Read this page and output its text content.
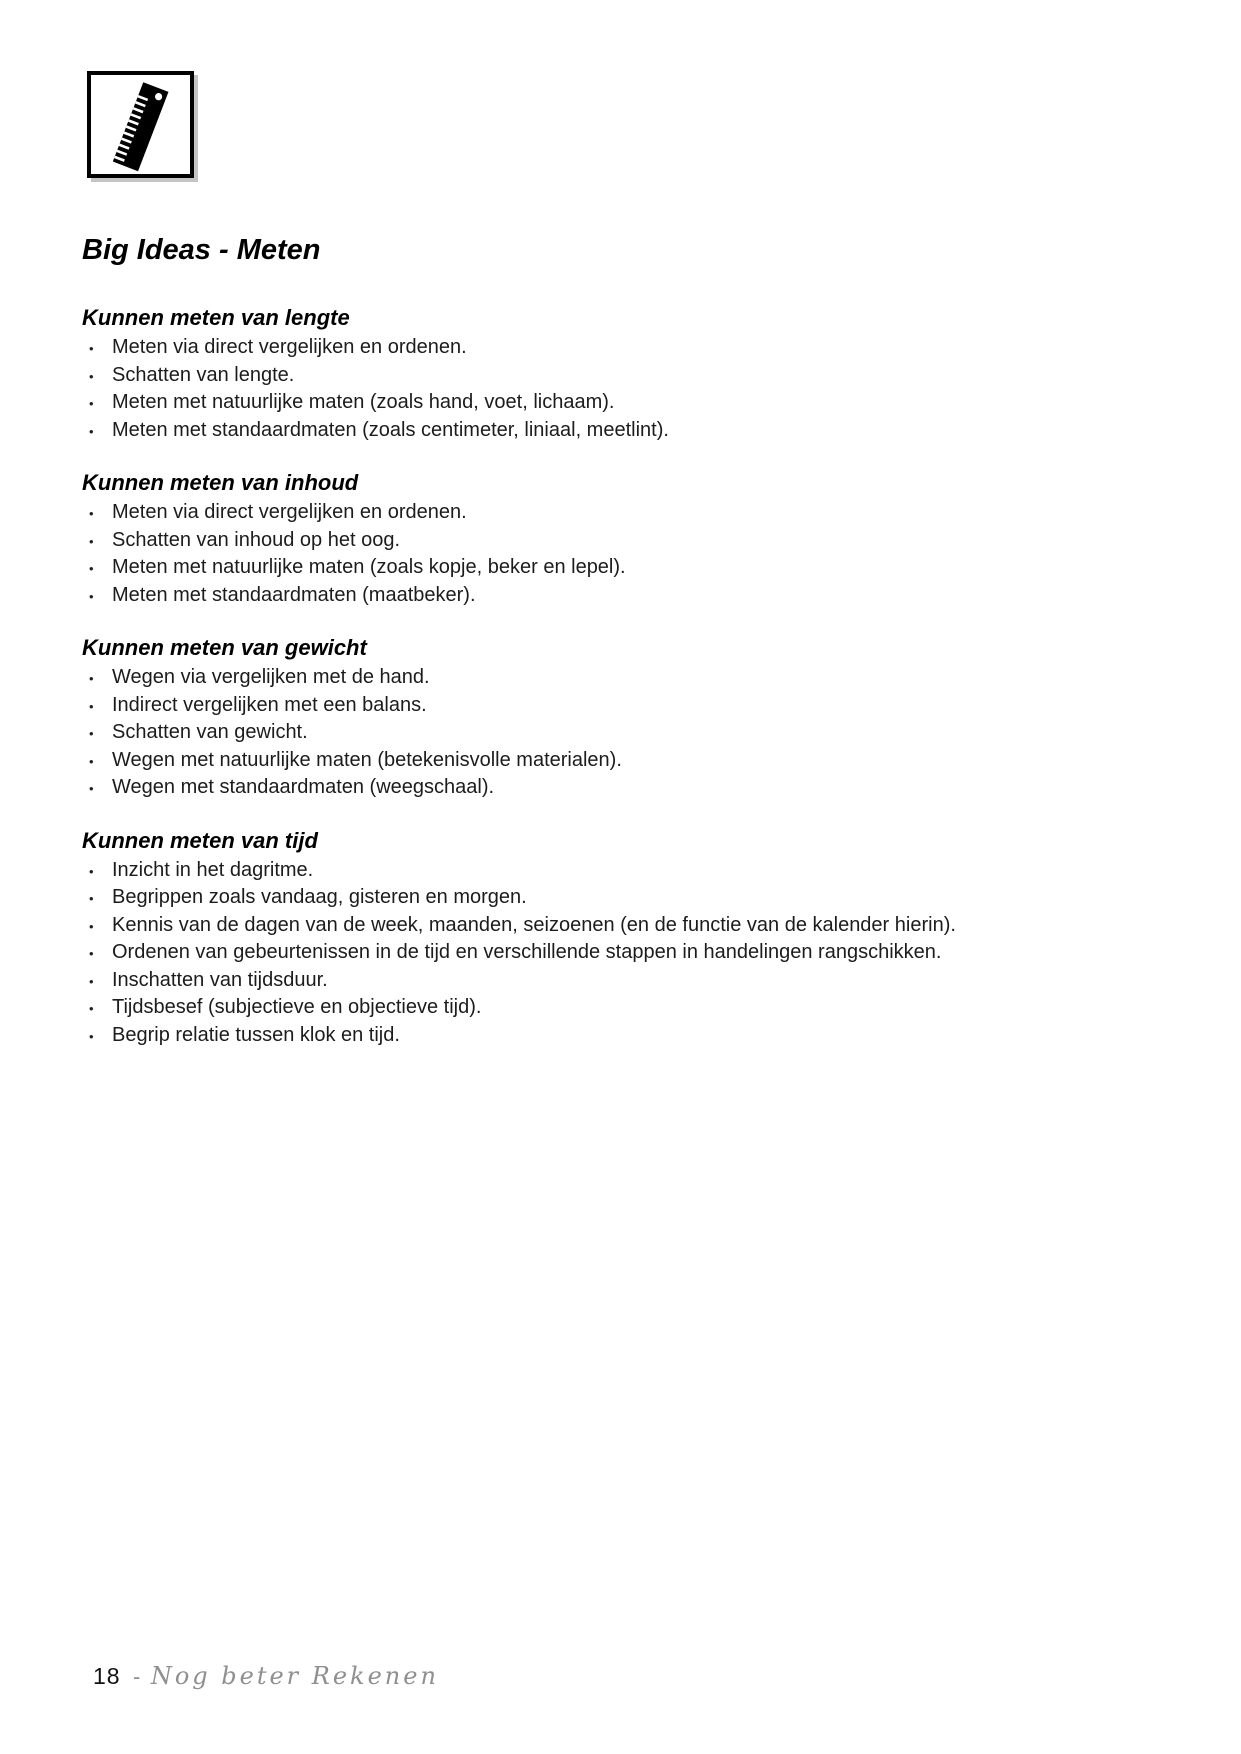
Big Ideas - Meten
Kunnen meten van lengte
• Meten via direct vergelijken en ordenen.
• Schatten van lengte.
• Meten met natuurlijke maten (zoals hand, voet, lichaam).
• Meten met standaardmaten (zoals centimeter, liniaal, meetlint).
Kunnen meten van inhoud
• Meten via direct vergelijken en ordenen.
• Schatten van inhoud op het oog.
• Meten met natuurlijke maten (zoals kopje, beker en lepel).
• Meten met standaardmaten (maatbeker).
Kunnen meten van gewicht
• Wegen via vergelijken met de hand.
• Indirect vergelijken met een balans.
• Schatten van gewicht.
• Wegen met natuurlijke maten (betekenisvolle materialen).
• Wegen met standaardmaten (weegschaal).
Kunnen meten van tijd
• Inzicht in het dagritme.
• Begrippen zoals vandaag, gisteren en morgen.
• Kennis van de dagen van de week, maanden, seizoenen (en de functie van de kalender hierin).
• Ordenen van gebeurtenissen in de tijd en verschillende stappen in handelingen rangschikken.
• Inschatten van tijdsduur.
• Tijdsbesef (subjectieve en objectieve tijd).
• Begrip relatie tussen klok en tijd.
18 - Nog beter Rekenen
